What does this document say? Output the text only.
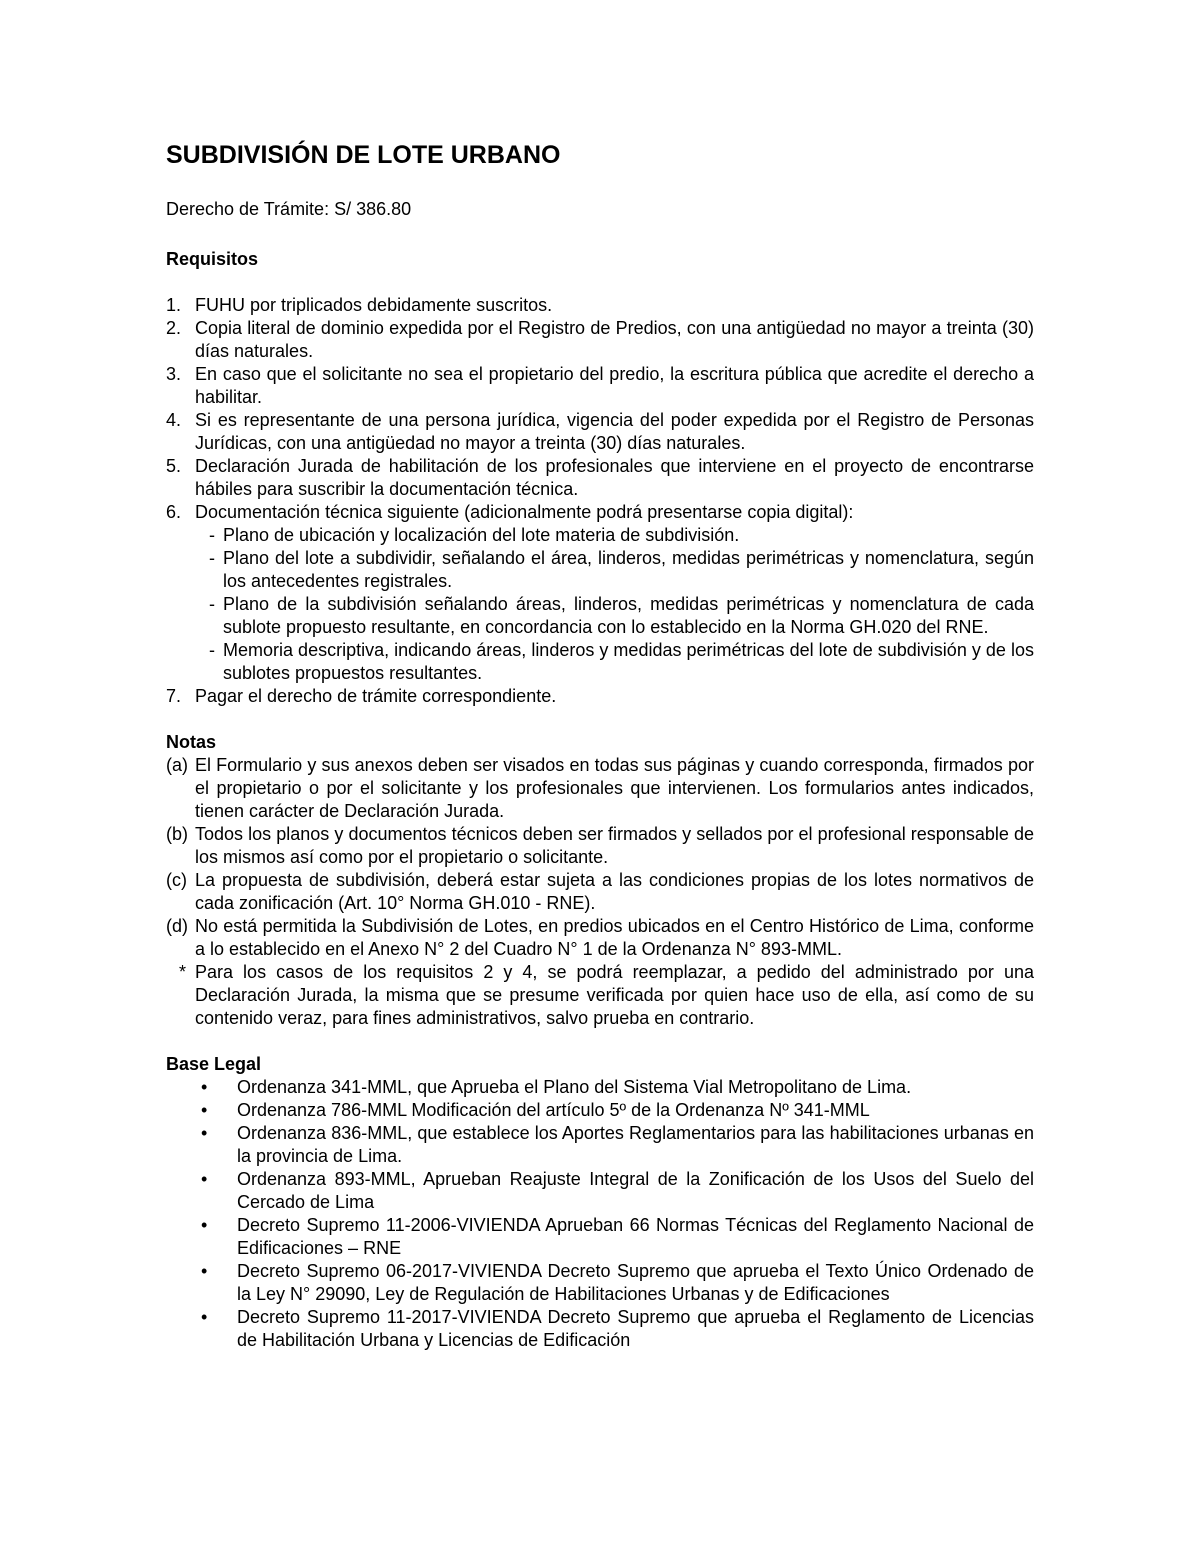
SUBDIVISIÓN DE LOTE URBANO

Derecho de Trámite: S/ 386.80

Requisitos

1. FUHU por triplicados debidamente suscritos.
2. Copia literal de dominio expedida por el Registro de Predios, con una antigüedad no mayor a treinta (30) días naturales.
3. En caso que el solicitante no sea el propietario del predio, la escritura pública que acredite el derecho a habilitar.
4. Si es representante de una persona jurídica, vigencia del poder expedida por el Registro de Personas Jurídicas, con una antigüedad no mayor a treinta (30) días naturales.
5. Declaración Jurada de habilitación de los profesionales que interviene en el proyecto de encontrarse hábiles para suscribir la documentación técnica.
6. Documentación técnica siguiente (adicionalmente podrá presentarse copia digital):
- Plano de ubicación y localización del lote materia de subdivisión.
- Plano del lote a subdividir, señalando el área, linderos, medidas perimétricas y nomenclatura, según los antecedentes registrales.
- Plano de la subdivisión señalando áreas, linderos, medidas perimétricas y nomenclatura de cada sublote propuesto resultante, en concordancia con lo establecido en la Norma GH.020 del RNE.
- Memoria descriptiva, indicando áreas, linderos y medidas perimétricas del lote de subdivisión y de los sublotes propuestos resultantes.
7. Pagar el derecho de trámite correspondiente.

Notas

(a) El Formulario y sus anexos deben ser visados en todas sus páginas y cuando corresponda, firmados por el propietario o por el solicitante y los profesionales que intervienen. Los formularios antes indicados, tienen carácter de Declaración Jurada.
(b) Todos los planos y documentos técnicos deben ser firmados y sellados por el profesional responsable de los mismos así como por el propietario o solicitante.
(c) La propuesta de subdivisión, deberá estar sujeta a las condiciones propias de los lotes normativos de cada zonificación (Art. 10° Norma GH.010 - RNE).
(d) No está permitida la Subdivisión de Lotes, en predios ubicados en el Centro Histórico de Lima, conforme a lo establecido en el Anexo N° 2 del Cuadro N° 1 de la Ordenanza N° 893-MML.
* Para los casos de los requisitos 2 y 4, se podrá reemplazar, a pedido del administrado por una Declaración Jurada, la misma que se presume verificada por quien hace uso de ella, así como de su contenido veraz, para fines administrativos, salvo prueba en contrario.

Base Legal

• Ordenanza 341-MML, que Aprueba el Plano del Sistema Vial Metropolitano de Lima.
• Ordenanza 786-MML Modificación del artículo 5º de la Ordenanza Nº 341-MML
• Ordenanza 836-MML, que establece los Aportes Reglamentarios para las habilitaciones urbanas en la provincia de Lima.
• Ordenanza 893-MML, Aprueban Reajuste Integral de la Zonificación de los Usos del Suelo del Cercado de Lima
• Decreto Supremo 11-2006-VIVIENDA Aprueban 66 Normas Técnicas del Reglamento Nacional de Edificaciones – RNE
• Decreto Supremo 06-2017-VIVIENDA Decreto Supremo que aprueba el Texto Único Ordenado de la Ley N° 29090, Ley de Regulación de Habilitaciones Urbanas y de Edificaciones
• Decreto Supremo 11-2017-VIVIENDA Decreto Supremo que aprueba el Reglamento de Licencias de Habilitación Urbana y Licencias de Edificación
